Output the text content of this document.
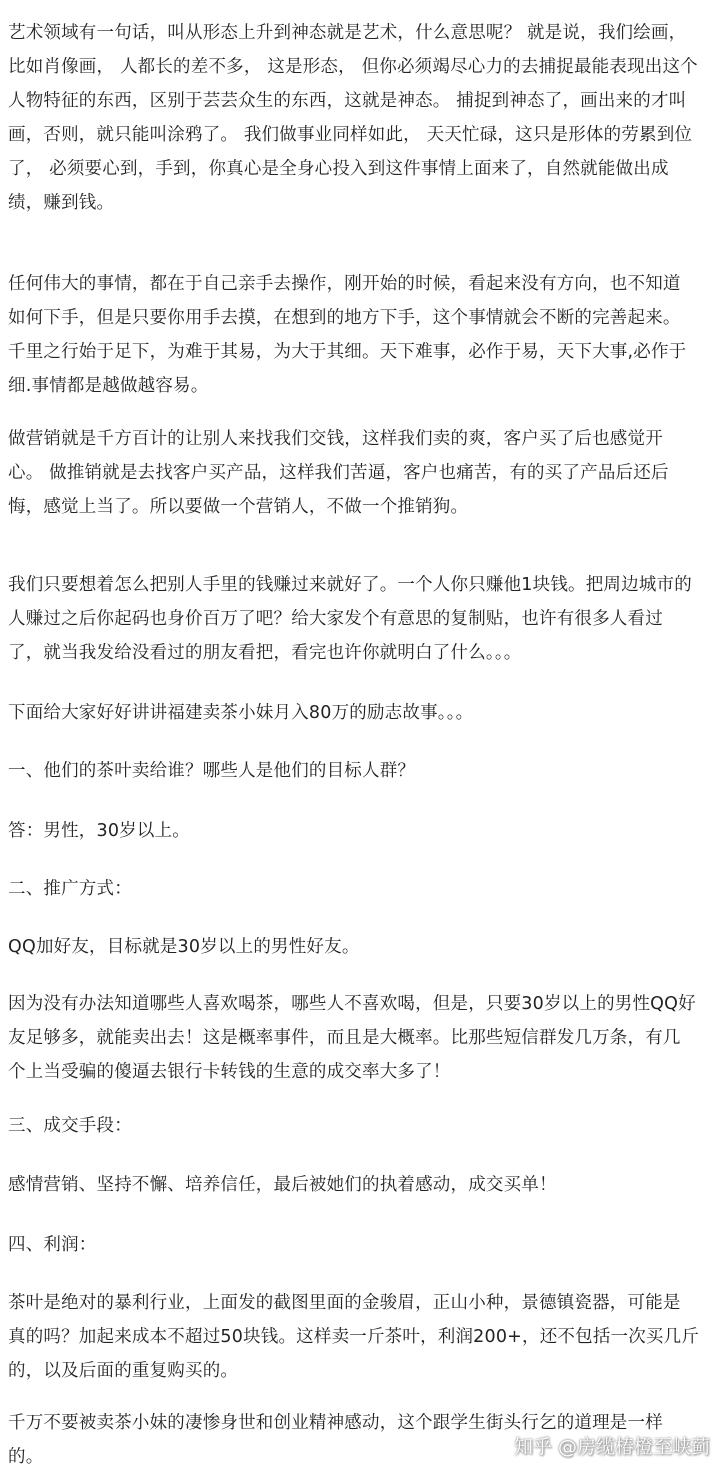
艺术领域有一句话，叫从形态上升到神态就是艺术，什么意思呢？ 就是说，我们绘画，
比如肖像画， 人都长的差不多， 这是形态， 但你必须竭尽心力的去捕捉最能表现出这个
人物特征的东西，区别于芸芸众生的东西，这就是神态。 捕捉到神态了，画出来的才叫
画，否则，就只能叫涂鸦了。 我们做事业同样如此， 天天忙碌，这只是形体的劳累到位
了， 必须要心到，手到，你真心是全身心投入到这件事情上面来了，自然就能做出成
绩，赚到钱。
任何伟大的事情，都在于自己亲手去操作，刚开始的时候，看起来没有方向，也不知道
如何下手，但是只要你用手去摸，在想到的地方下手，这个事情就会不断的完善起来。
千里之行始于足下，为难于其易，为大于其细。天下难事，必作于易，天下大事,必作于
细.事情都是越做越容易。
做营销就是千方百计的让别人来找我们交钱，这样我们卖的爽，客户买了后也感觉开
心。 做推销就是去找客户买产品，这样我们苦逼，客户也痛苦，有的买了产品后还后
悔，感觉上当了。所以要做一个营销人，不做一个推销狗。
我们只要想着怎么把别人手里的钱赚过来就好了。一个人你只赚他1块钱。把周边城市的
人赚过之后你起码也身价百万了吧？给大家发个有意思的复制贴，也许有很多人看过
了，就当我发给没看过的朋友看把，看完也许你就明白了什么。。。
下面给大家好好讲讲福建卖茶小妹月入80万的励志故事。。。
一、他们的茶叶卖给谁？哪些人是他们的目标人群？
答：男性，30岁以上。
二、推广方式：
QQ加好友，目标就是30岁以上的男性好友。
因为没有办法知道哪些人喜欢喝茶，哪些人不喜欢喝，但是，只要30岁以上的男性QQ好
友足够多，就能卖出去！这是概率事件，而且是大概率。比那些短信群发几万条，有几
个上当受骗的傻逼去银行卡转钱的生意的成交率大多了！
三、成交手段：
感情营销、坚持不懈、培养信任，最后被她们的执着感动，成交买单！
四、利润：
茶叶是绝对的暴利行业，上面发的截图里面的金骏眉，正山小种，景德镇瓷器，可能是
真的吗？加起来成本不超过50块钱。这样卖一斤茶叶，利润200+，还不包括一次买几斤
的，以及后面的重复购买的。
千万不要被卖茶小妹的凄惨身世和创业精神感动，这个跟学生街头行乞的道理是一样
的。	知乎 @房缆椿橙至峡蓟
